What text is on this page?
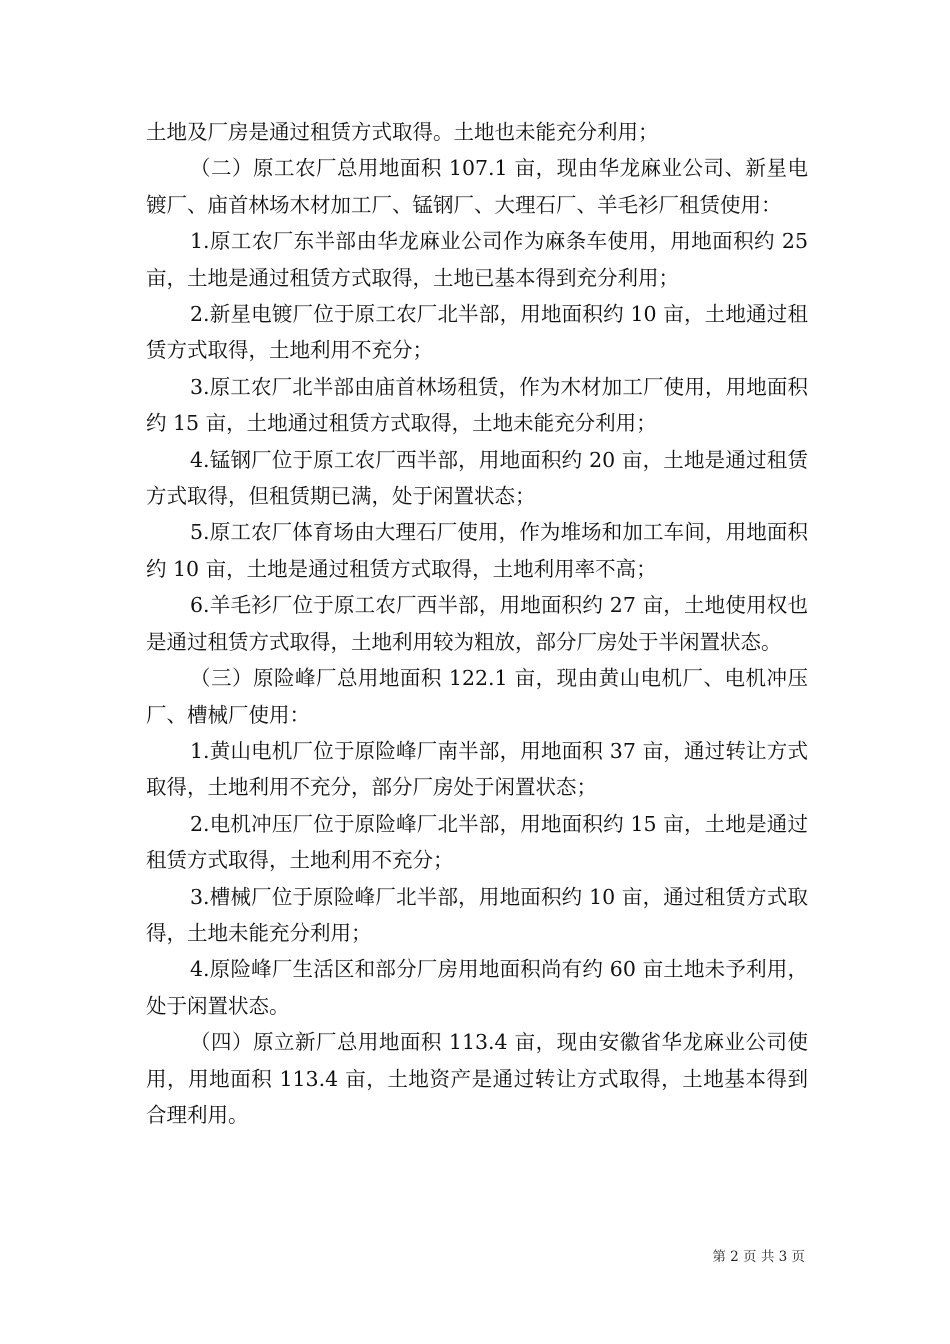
土地及厂房是通过租赁方式取得。土地也未能充分利用；

（二）原工农厂总用地面积 107.1 亩，现由华龙麻业公司、新星电镀厂、庙首林场木材加工厂、锰钢厂、大理石厂、羊毛衫厂租赁使用：

1.原工农厂东半部由华龙麻业公司作为麻条车使用，用地面积约 25 亩，土地是通过租赁方式取得，土地已基本得到充分利用；

2.新星电镀厂位于原工农厂北半部，用地面积约 10 亩，土地通过租赁方式取得，土地利用不充分；

3.原工农厂北半部由庙首林场租赁，作为木材加工厂使用，用地面积约 15 亩，土地通过租赁方式取得，土地未能充分利用；

4.锰钢厂位于原工农厂西半部，用地面积约 20 亩，土地是通过租赁方式取得，但租赁期已满，处于闲置状态；

5.原工农厂体育场由大理石厂使用，作为堆场和加工车间，用地面积约 10 亩，土地是通过租赁方式取得，土地利用率不高；

6.羊毛衫厂位于原工农厂西半部，用地面积约 27 亩，土地使用权也是通过租赁方式取得，土地利用较为粗放，部分厂房处于半闲置状态。

（三）原险峰厂总用地面积 122.1 亩，现由黄山电机厂、电机冲压厂、槽械厂使用：

1.黄山电机厂位于原险峰厂南半部，用地面积 37 亩，通过转让方式取得，土地利用不充分，部分厂房处于闲置状态；

2.电机冲压厂位于原险峰厂北半部，用地面积约 15 亩，土地是通过租赁方式取得，土地利用不充分；

3.槽械厂位于原险峰厂北半部，用地面积约 10 亩，通过租赁方式取得，土地未能充分利用；

4.原险峰厂生活区和部分厂房用地面积尚有约 60 亩土地未予利用，处于闲置状态。

（四）原立新厂总用地面积 113.4 亩，现由安徽省华龙麻业公司使用，用地面积 113.4 亩，土地资产是通过转让方式取得，土地基本得到合理利用。

第 2 页 共 3 页
